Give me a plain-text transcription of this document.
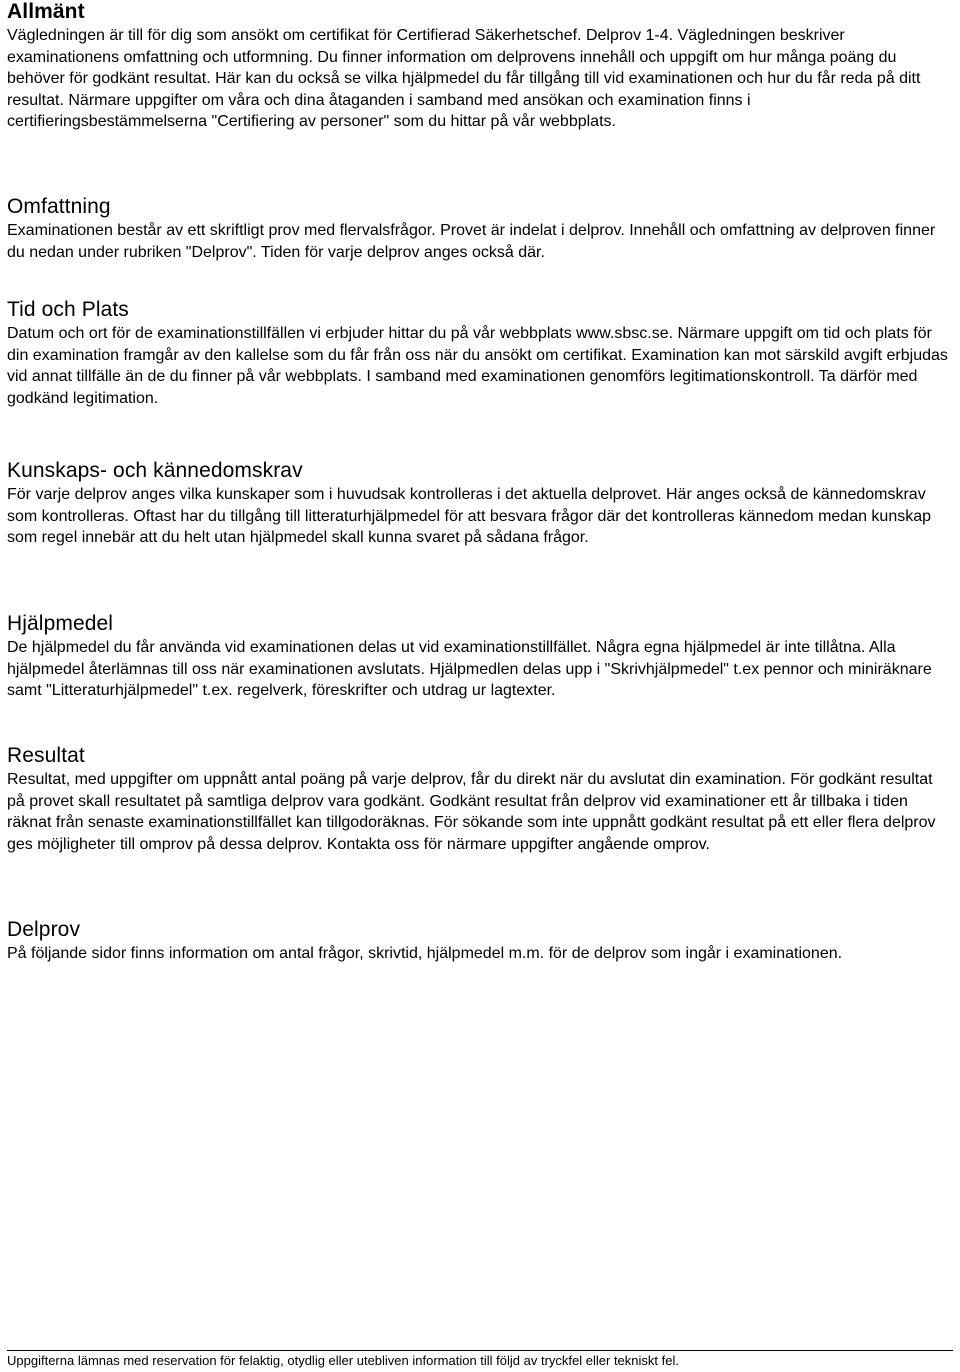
Allmänt

Vägledningen är till för dig som ansökt om certifikat för Certifierad Säkerhetschef. Delprov 1-4. Vägledningen beskriver examinationens omfattning och utformning. Du finner information om delprovens innehåll och uppgift om hur många poäng du behöver för godkänt resultat. Här kan du också se vilka hjälpmedel du får tillgång till vid examinationen och hur du får reda på ditt resultat. Närmare uppgifter om våra och dina åtaganden i samband med ansökan och examination finns i certifieringsbestämmelserna "Certifiering av personer" som du hittar på vår webbplats.

Omfattning

Examinationen består av ett skriftligt prov med flervalsfrågor. Provet är indelat i delprov. Innehåll och omfattning av delproven finner du nedan under rubriken "Delprov". Tiden för varje delprov anges också där.

Tid och Plats

Datum och ort för de examinationstillfällen vi erbjuder hittar du på vår webbplats www.sbsc.se. Närmare uppgift om tid och plats för din examination framgår av den kallelse som du får från oss när du ansökt om certifikat. Examination kan mot särskild avgift erbjudas vid annat tillfälle än de du finner på vår webbplats. I samband med examinationen genomförs legitimationskontroll. Ta därför med godkänd legitimation.

Kunskaps- och kännedomskrav

För varje delprov anges vilka kunskaper som i huvudsak kontrolleras i det aktuella delprovet. Här anges också de kännedomskrav som kontrolleras. Oftast har du tillgång till litteraturhjälpmedel för att besvara frågor där det kontrolleras kännedom medan kunskap som regel innebär att du helt utan hjälpmedel skall kunna svaret på sådana frågor.

Hjälpmedel

De hjälpmedel du får använda vid examinationen delas ut vid examinationstillfället. Några egna hjälpmedel är inte tillåtna. Alla hjälpmedel återlämnas till oss när examinationen avslutats. Hjälpmedlen delas upp i "Skrivhjälpmedel" t.ex pennor och miniräknare samt "Litteraturhjälpmedel" t.ex. regelverk, föreskrifter och utdrag ur lagtexter.

Resultat

Resultat, med uppgifter om uppnått antal poäng på varje delprov, får du direkt när du avslutat din examination. För godkänt resultat på provet skall resultatet på samtliga delprov vara godkänt. Godkänt resultat från delprov vid examinationer ett år tillbaka i tiden räknat från senaste examinationstillfället kan tillgodoräknas. För sökande som inte uppnått godkänt resultat på ett eller flera delprov ges möjligheter till omprov på dessa delprov. Kontakta oss för närmare uppgifter angående omprov.

Delprov

På följande sidor finns information om antal frågor, skrivtid, hjälpmedel m.m. för de delprov som ingår i examinationen.

Uppgifterna lämnas med reservation för felaktig, otydlig eller utebliven information till följd av tryckfel eller tekniskt fel.
